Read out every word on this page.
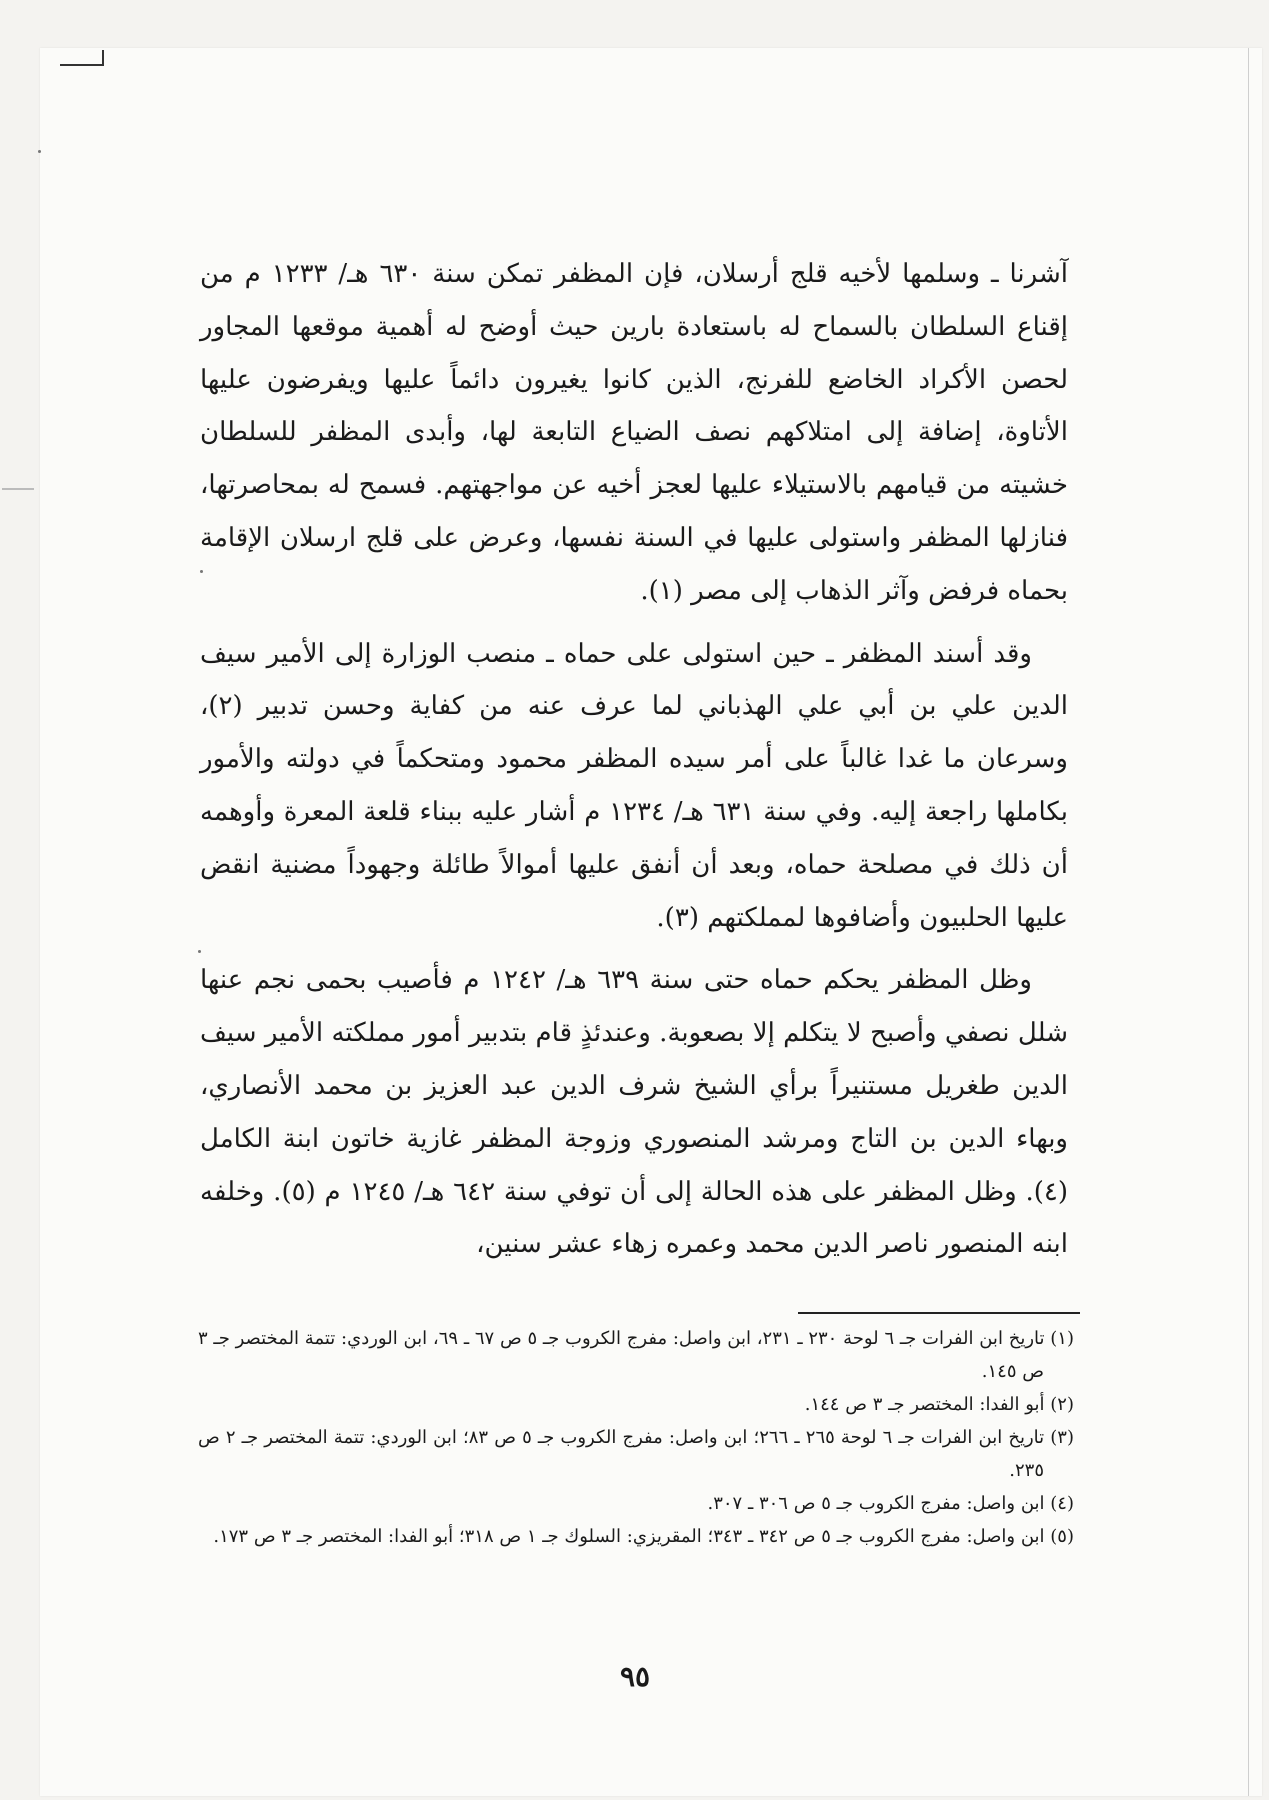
آشرنا ـ وسلمها لأخيه قلج أرسلان، فإن المظفر تمكن سنة ٦٣٠ هـ/ ١٢٣٣ م من إقناع السلطان بالسماح له باستعادة بارين حيث أوضح له أهمية موقعها المجاور لحصن الأكراد الخاضع للفرنج، الذين كانوا يغيرون دائماً عليها ويفرضون عليها الأتاوة، إضافة إلى امتلاكهم نصف الضياع التابعة لها، وأبدى المظفر للسلطان خشيته من قيامهم بالاستيلاء عليها لعجز أخيه عن مواجهتهم. فسمح له بمحاصرتها، فنازلها المظفر واستولى عليها في السنة نفسها، وعرض على قلج ارسلان الإقامة بحماه فرفض وآثر الذهاب إلى مصر (١).

وقد أسند المظفر ـ حين استولى على حماه ـ منصب الوزارة إلى الأمير سيف الدين علي بن أبي علي الهذباني لما عرف عنه من كفاية وحسن تدبير (٢)، وسرعان ما غدا غالباً على أمر سيده المظفر محمود ومتحكماً في دولته والأمور بكاملها راجعة إليه. وفي سنة ٦٣١ هـ/ ١٢٣٤ م أشار عليه ببناء قلعة المعرة وأوهمه أن ذلك في مصلحة حماه، وبعد أن أنفق عليها أموالاً طائلة وجهوداً مضنية انقض عليها الحلبيون وأضافوها لمملكتهم (٣).

وظل المظفر يحكم حماه حتى سنة ٦٣٩ هـ/ ١٢٤٢ م فأصيب بحمى نجم عنها شلل نصفي وأصبح لا يتكلم إلا بصعوبة. وعندئذٍ قام بتدبير أمور مملكته الأمير سيف الدين طغريل مستنيراً برأي الشيخ شرف الدين عبد العزيز بن محمد الأنصاري، وبهاء الدين بن التاج ومرشد المنصوري وزوجة المظفر غازية خاتون ابنة الكامل (٤). وظل المظفر على هذه الحالة إلى أن توفي سنة ٦٤٢ هـ/ ١٢٤٥ م (٥). وخلفه ابنه المنصور ناصر الدين محمد وعمره زهاء عشر سنين،

(١) تاريخ ابن الفرات جـ ٦ لوحة ٢٣٠ ـ ٢٣١، ابن واصل: مفرج الكروب جـ ٥ ص ٦٧ ـ ٦٩، ابن الوردي: تتمة المختصر جـ ٣ ص ١٤٥.

(٢) أبو الفدا: المختصر جـ ٣ ص ١٤٤.

(٣) تاريخ ابن الفرات جـ ٦ لوحة ٢٦٥ ـ ٢٦٦؛ ابن واصل: مفرج الكروب جـ ٥ ص ٨٣؛ ابن الوردي: تتمة المختصر جـ ٢ ص ٢٣٥.

(٤) ابن واصل: مفرج الكروب جـ ٥ ص ٣٠٦ ـ ٣٠٧.

(٥) ابن واصل: مفرج الكروب جـ ٥ ص ٣٤٢ ـ ٣٤٣؛ المقريزي: السلوك جـ ١ ص ٣١٨؛ أبو الفدا: المختصر جـ ٣ ص ١٧٣.

٩٥
